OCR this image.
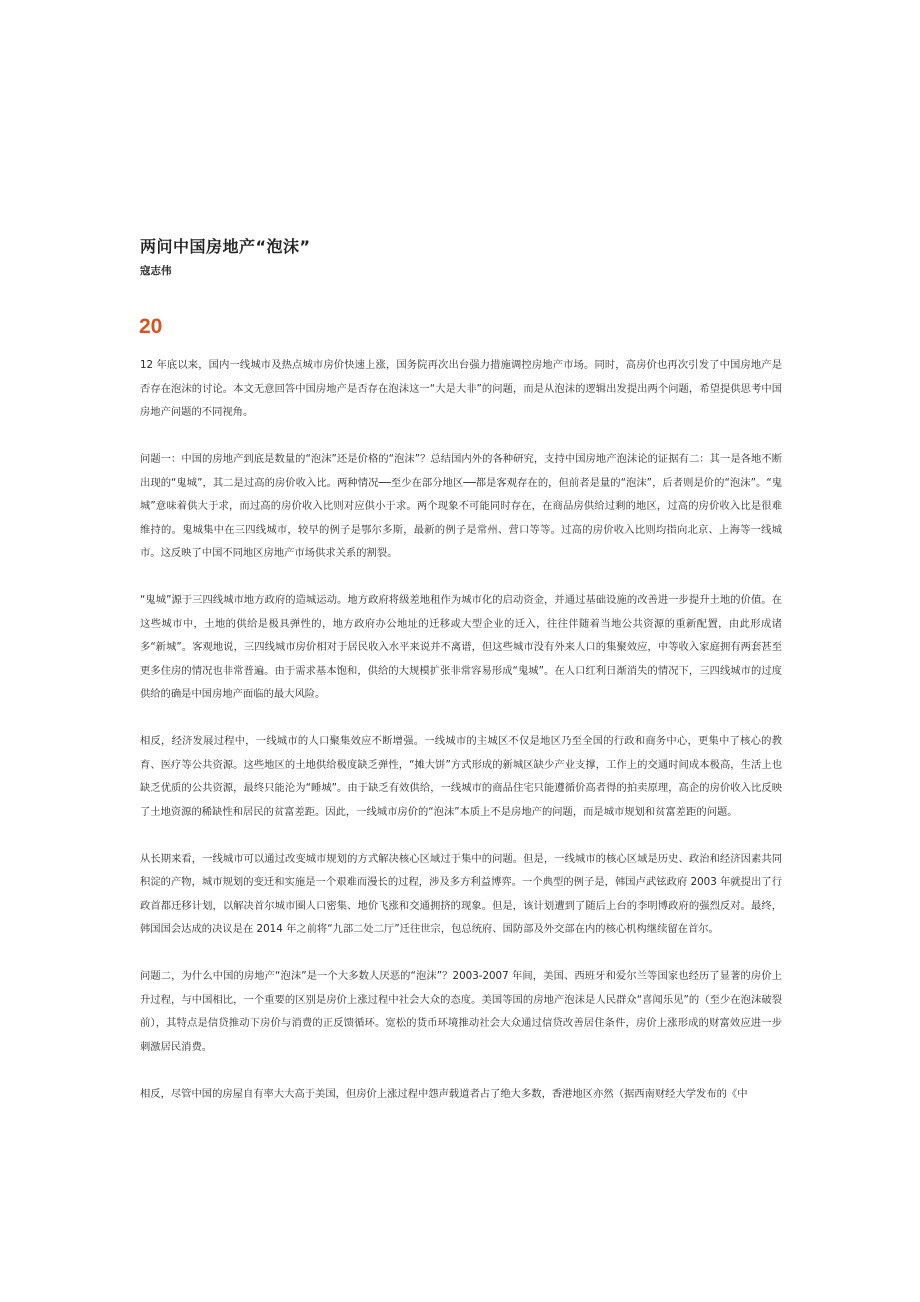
两问中国房地产“泡沫”
寇志伟
20

12 年底以来，国内一线城市及热点城市房价快速上涨，国务院再次出台强力措施调控房地产市场。同时，高房价也再次引发了中国房地产是否存在泡沫的讨论。本文无意回答中国房地产是否存在泡沫这一“大是大非”的问题，而是从泡沫的逻辑出发提出两个问题，希望提供思考中国房地产问题的不同视角。

问题一：中国的房地产到底是数量的“泡沫”还是价格的“泡沫”？总结国内外的各种研究，支持中国房地产泡沫论的证据有二：其一是各地不断出现的“鬼城”，其二是过高的房价收入比。两种情况──至少在部分地区──都是客观存在的，但前者是量的“泡沫”，后者则是价的“泡沫”。“鬼城”意味着供大于求，而过高的房价收入比则对应供小于求。两个现象不可能同时存在，在商品房供给过剩的地区，过高的房价收入比是很难维持的。鬼城集中在三四线城市，较早的例子是鄂尔多斯，最新的例子是常州、营口等等。过高的房价收入比则均指向北京、上海等一线城市。这反映了中国不同地区房地产市场供求关系的割裂。

“鬼城”源于三四线城市地方政府的造城运动。地方政府将级差地租作为城市化的启动资金，并通过基础设施的改善进一步提升土地的价值。在这些城市中，土地的供给是极具弹性的，地方政府办公地址的迁移或大型企业的迁入，往往伴随着当地公共资源的重新配置，由此形成诸多“新城”。客观地说，三四线城市房价相对于居民收入水平来说并不离谱，但这些城市没有外来人口的集聚效应，中等收入家庭拥有两套甚至更多住房的情况也非常普遍。由于需求基本饱和，供给的大规模扩张非常容易形成“鬼城”。在人口红利日渐消失的情况下，三四线城市的过度供给的确是中国房地产面临的最大风险。

相反，经济发展过程中，一线城市的人口聚集效应不断增强。一线城市的主城区不仅是地区乃至全国的行政和商务中心，更集中了核心的教育、医疗等公共资源。这些地区的土地供给极度缺乏弹性，“摊大饼”方式形成的新城区缺少产业支撑，工作上的交通时间成本极高，生活上也缺乏优质的公共资源，最终只能沦为“睡城”。由于缺乏有效供给，一线城市的商品住宅只能遵循价高者得的拍卖原理，高企的房价收入比反映了土地资源的稀缺性和居民的贫富差距。因此，一线城市房价的“泡沫”本质上不是房地产的问题，而是城市规划和贫富差距的问题。

从长期来看，一线城市可以通过改变城市规划的方式解决核心区域过于集中的问题。但是，一线城市的核心区域是历史、政治和经济因素共同积淀的产物，城市规划的变迁和实施是一个艰难而漫长的过程，涉及多方利益博弈。一个典型的例子是，韩国卢武铉政府 2003 年就提出了行政首都迁移计划，以解决首尔城市圈人口密集、地价飞涨和交通拥挤的现象。但是，该计划遭到了随后上台的李明博政府的强烈反对。最终，韩国国会达成的决议是在 2014 年之前将“九部二处二厅”迁往世宗，包总统府、国防部及外交部在内的核心机构继续留在首尔。

问题二，为什么中国的房地产“泡沫”是一个大多数人厌恶的“泡沫”？2003-2007 年间，美国、西班牙和爱尔兰等国家也经历了显著的房价上升过程，与中国相比，一个重要的区别是房价上涨过程中社会大众的态度。美国等国的房地产泡沫是人民群众“喜闻乐见”的（至少在泡沫破裂前），其特点是信贷推动下房价与消费的正反馈循环。宽松的货币环境推动社会大众通过信贷改善居住条件，房价上涨形成的财富效应进一步刺激居民消费。

相反，尽管中国的房屋自有率大大高于美国，但房价上涨过程中怨声载道者占了绝大多数，香港地区亦然（据西南财经大学发布的《中
